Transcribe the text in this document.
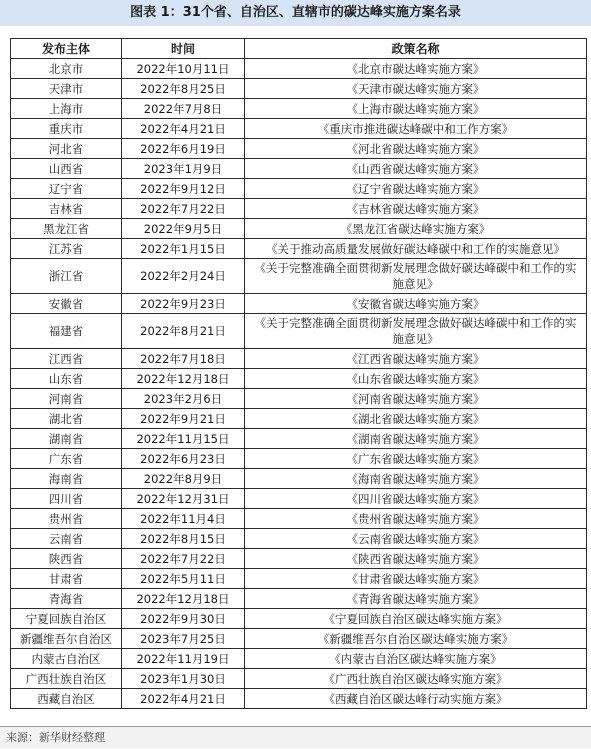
图表 1：31个省、自治区、直辖市的碳达峰实施方案名录
发布主体	时间	政策名称
北京市	2022年10月11日	《北京市碳达峰实施方案》
天津市	2022年8月25日	《天津市碳达峰实施方案》
上海市	2022年7月8日	《上海市碳达峰实施方案》
重庆市	2022年4月21日	《重庆市推进碳达峰碳中和工作方案》
河北省	2022年6月19日	《河北省碳达峰实施方案》
山西省	2023年1月9日	《山西省碳达峰实施方案》
辽宁省	2022年9月12日	《辽宁省碳达峰实施方案》
吉林省	2022年7月22日	《吉林省碳达峰实施方案》
黑龙江省	2022年9月5日	《黑龙江省碳达峰实施方案》
江苏省	2022年1月15日	《关于推动高质量发展做好碳达峰碳中和工作的实施意见》
浙江省	2022年2月24日	《关于完整准确全面贯彻新发展理念做好碳达峰碳中和工作的实施意见》
安徽省	2022年9月23日	《安徽省碳达峰实施方案》
福建省	2022年8月21日	《关于完整准确全面贯彻新发展理念做好碳达峰碳中和工作的实施意见》
江西省	2022年7月18日	《江西省碳达峰实施方案》
山东省	2022年12月18日	《山东省碳达峰实施方案》
河南省	2023年2月6日	《河南省碳达峰实施方案》
湖北省	2022年9月21日	《湖北省碳达峰实施方案》
湖南省	2022年11月15日	《湖南省碳达峰实施方案》
广东省	2022年6月23日	《广东省碳达峰实施方案》
海南省	2022年8月9日	《海南省碳达峰实施方案》
四川省	2022年12月31日	《四川省碳达峰实施方案》
贵州省	2022年11月4日	《贵州省碳达峰实施方案》
云南省	2022年8月15日	《云南省碳达峰实施方案》
陕西省	2022年7月22日	《陕西省碳达峰实施方案》
甘肃省	2022年5月11日	《甘肃省碳达峰实施方案》
青海省	2022年12月18日	《青海省碳达峰实施方案》
宁夏回族自治区	2022年9月30日	《宁夏回族自治区碳达峰实施方案》
新疆维吾尔自治区	2023年7月25日	《新疆维吾尔自治区碳达峰实施方案》
内蒙古自治区	2022年11月19日	《内蒙古自治区碳达峰实施方案》
广西壮族自治区	2023年1月30日	《广西壮族自治区碳达峰实施方案》
西藏自治区	2022年4月21日	《西藏自治区碳达峰行动实施方案》
来源：新华财经整理
